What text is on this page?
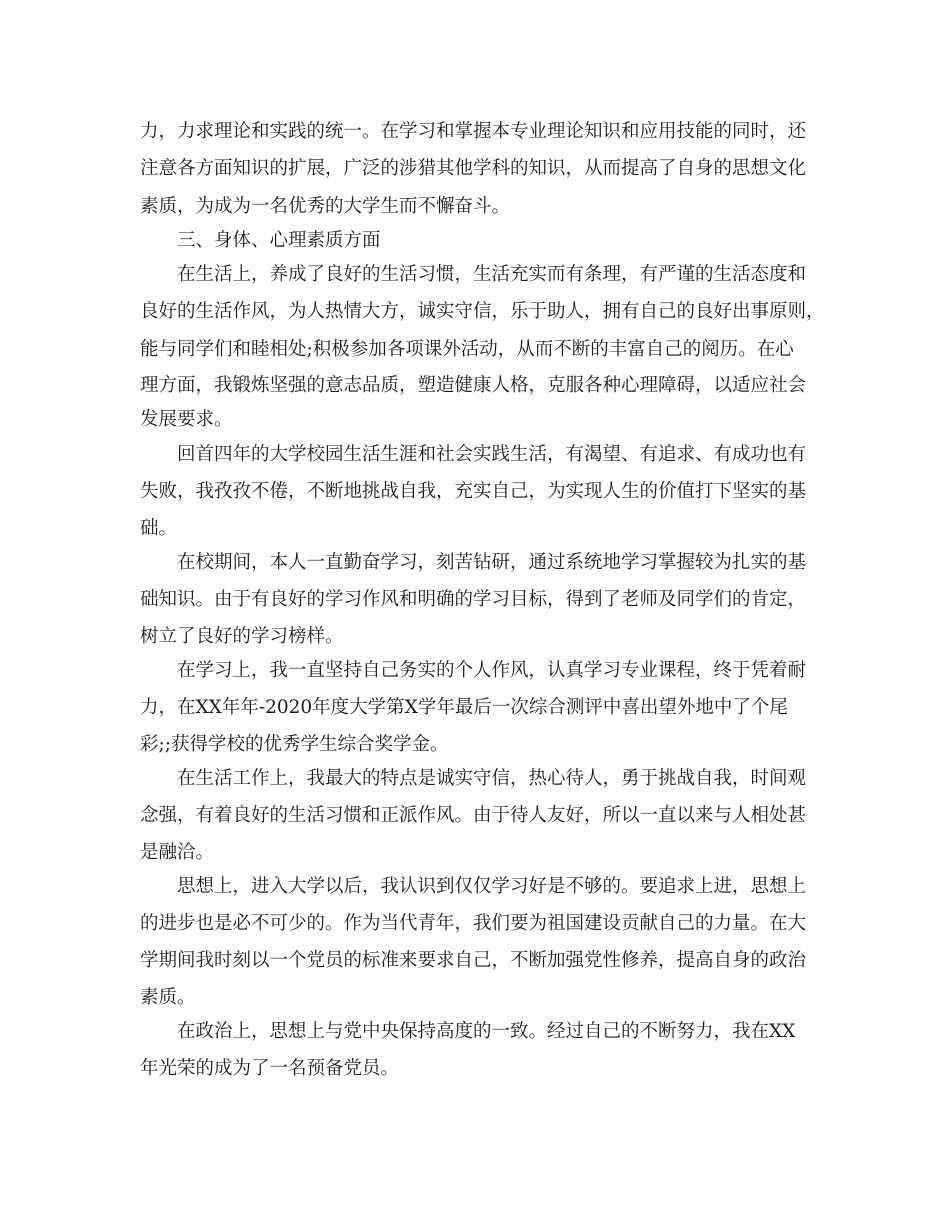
力，力求理论和实践的统一。在学习和掌握本专业理论知识和应用技能的同时，还
注意各方面知识的扩展，广泛的涉猎其他学科的知识，从而提高了自身的思想文化
素质，为成为一名优秀的大学生而不懈奋斗。
三、身体、心理素质方面
在生活上，养成了良好的生活习惯，生活充实而有条理，有严谨的生活态度和
良好的生活作风，为人热情大方，诚实守信，乐于助人，拥有自己的良好出事原则，
能与同学们和睦相处;积极参加各项课外活动，从而不断的丰富自己的阅历。在心
理方面，我锻炼坚强的意志品质，塑造健康人格，克服各种心理障碍，以适应社会
发展要求。
回首四年的大学校园生活生涯和社会实践生活，有渴望、有追求、有成功也有
失败，我孜孜不倦，不断地挑战自我，充实自己，为实现人生的价值打下坚实的基
础。
在校期间，本人一直勤奋学习，刻苦钻研，通过系统地学习掌握较为扎实的基
础知识。由于有良好的学习作风和明确的学习目标，得到了老师及同学们的肯定，
树立了良好的学习榜样。
在学习上，我一直坚持自己务实的个人作风，认真学习专业课程，终于凭着耐
力，在XX年年-2020年度大学第X学年最后一次综合测评中喜出望外地中了个尾
彩;;获得学校的优秀学生综合奖学金。
在生活工作上，我最大的特点是诚实守信，热心待人，勇于挑战自我，时间观
念强，有着良好的生活习惯和正派作风。由于待人友好，所以一直以来与人相处甚
是融洽。
思想上，进入大学以后，我认识到仅仅学习好是不够的。要追求上进，思想上
的进步也是必不可少的。作为当代青年，我们要为祖国建设贡献自己的力量。在大
学期间我时刻以一个党员的标准来要求自己，不断加强党性修养，提高自身的政治
素质。
在政治上，思想上与党中央保持高度的一致。经过自己的不断努力，我在XX
年光荣的成为了一名预备党员。
